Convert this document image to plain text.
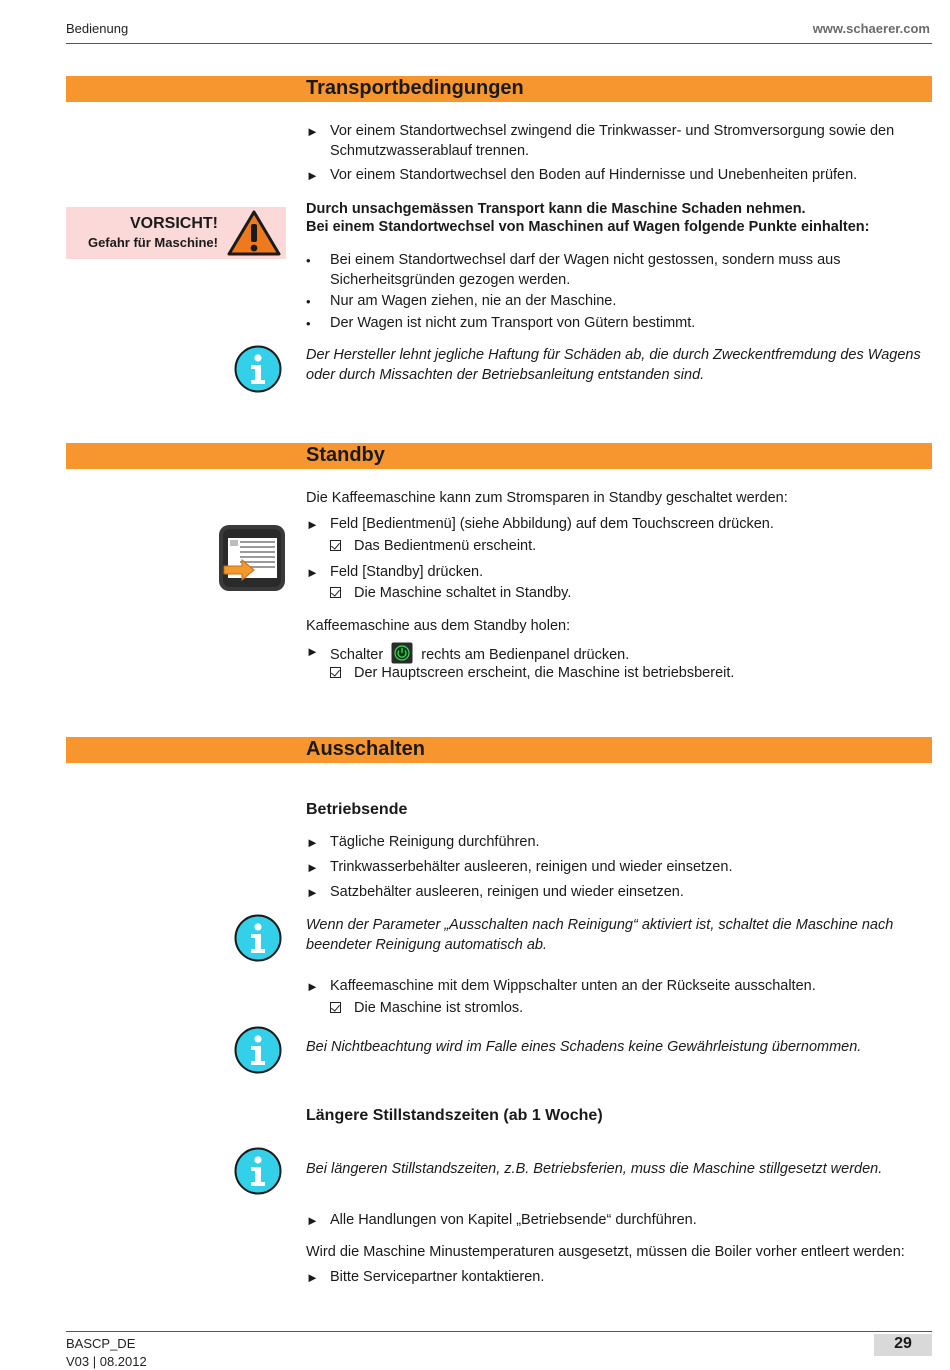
Bedienung	www.schaerer.com
Transportbedingungen
► Vor einem Standortwechsel zwingend die Trinkwasser- und Stromversorgung sowie den Schmutzwasserablauf trennen.
► Vor einem Standortwechsel den Boden auf Hindernisse und Unebenheiten prüfen.
VORSICHT!
Gefahr für Maschine!
Durch unsachgemässen Transport kann die Maschine Schaden nehmen.
Bei einem Standortwechsel von Maschinen auf Wagen folgende Punkte einhalten:
• Bei einem Standortwechsel darf der Wagen nicht gestossen, sondern muss aus Sicherheitsgründen gezogen werden.
• Nur am Wagen ziehen, nie an der Maschine.
• Der Wagen ist nicht zum Transport von Gütern bestimmt.
Der Hersteller lehnt jegliche Haftung für Schäden ab, die durch Zweckentfremdung des Wagens oder durch Missachten der Betriebsanleitung entstanden sind.
Standby
Die Kaffeemaschine kann zum Stromsparen in Standby geschaltet werden:
► Feld [Bedientmenü] (siehe Abbildung) auf dem Touchscreen drücken.
Das Bedientmenü erscheint.
► Feld [Standby] drücken.
Die Maschine schaltet in Standby.
Kaffeemaschine aus dem Standby holen:
► Schalter	rechts am Bedienpanel drücken.
Der Hauptscreen erscheint, die Maschine ist betriebsbereit.
Ausschalten
Betriebsende
► Tägliche Reinigung durchführen.
► Trinkwasserbehälter ausleeren, reinigen und wieder einsetzen.
► Satzbehälter ausleeren, reinigen und wieder einsetzen.
Wenn der Parameter „Ausschalten nach Reinigung“ aktiviert ist, schaltet die Maschine nach beendeter Reinigung automatisch ab.
► Kaffeemaschine mit dem Wippschalter unten an der Rückseite ausschalten.
Die Maschine ist stromlos.
Bei Nichtbeachtung wird im Falle eines Schadens keine Gewährleistung übernommen.
Längere Stillstandszeiten (ab 1 Woche)
Bei längeren Stillstandszeiten, z.B. Betriebsferien, muss die Maschine stillgesetzt werden.
► Alle Handlungen von Kapitel „Betriebsende“ durchführen.
Wird die Maschine Minustemperaturen ausgesetzt, müssen die Boiler vorher entleert werden:
► Bitte Servicepartner kontaktieren.
BASCP_DE
V03 | 08.2012
29
